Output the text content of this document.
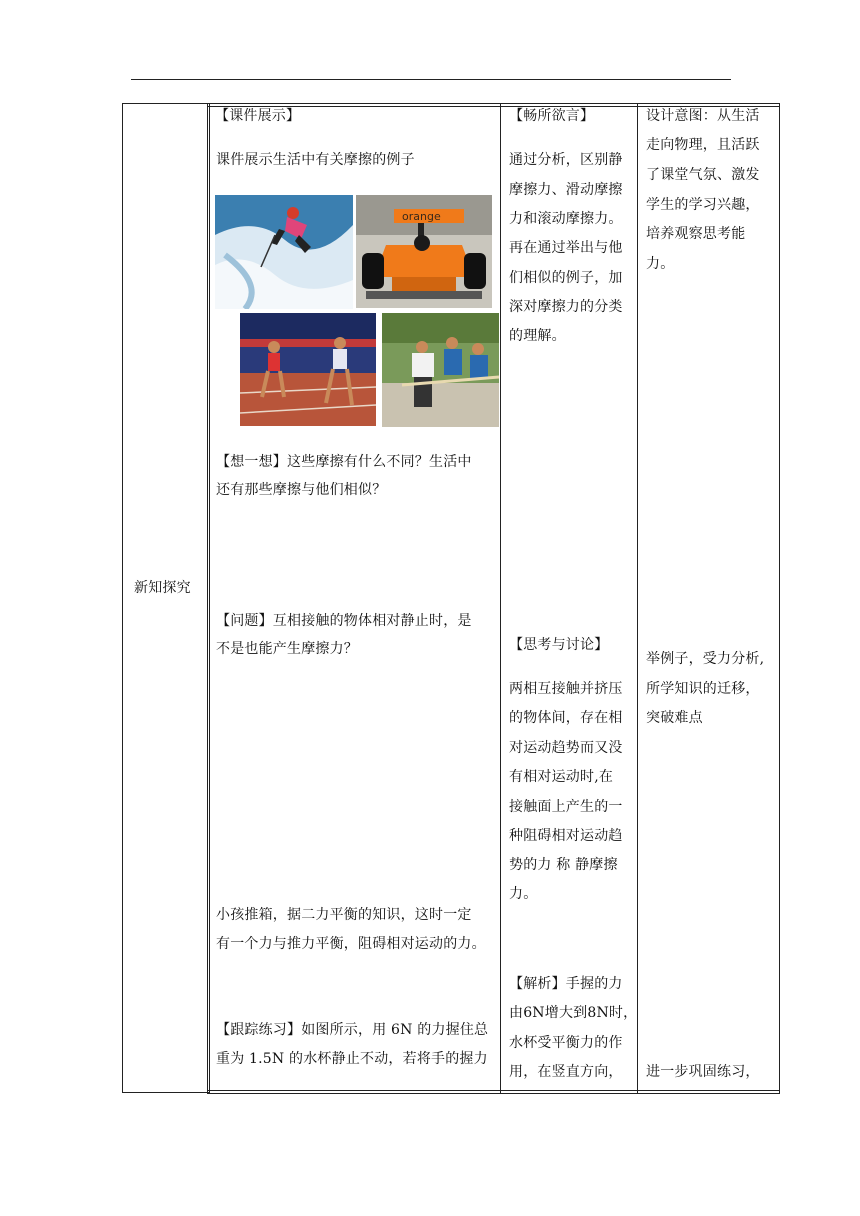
新知探究
【课件展示】
课件展示生活中有关摩擦的例子
orange
【想一想】这些摩擦有什么不同？生活中
还有那些摩擦与他们相似？
【问题】互相接触的物体相对静止时，是
不是也能产生摩擦力？
小孩推箱，据二力平衡的知识，这时一定
有一个力与推力平衡，阻碍相对运动的力。
【跟踪练习】如图所示，用 6N 的力握住总
重为 1.5N 的水杯静止不动，若将手的握力
【畅所欲言】
通过分析，区别静
摩擦力、滑动摩擦
力和滚动摩擦力。
再在通过举出与他
们相似的例子，加
深对摩擦力的分类
的理解。
【思考与讨论】
两相互接触并挤压
的物体间，存在相
对运动趋势而又没
有相对运动时,在
接触面上产生的一
种阻碍相对运动趋
势的力 称 静摩擦
力。
【解析】手握的力
由6N增大到8N时，
水杯受平衡力的作
用，在竖直方向，
设计意图：从生活
走向物理，且活跃
了课堂气氛、激发
学生的学习兴趣，
培养观察思考能
力。
举例子，受力分析,
所学知识的迁移，
突破难点
进一步巩固练习，
